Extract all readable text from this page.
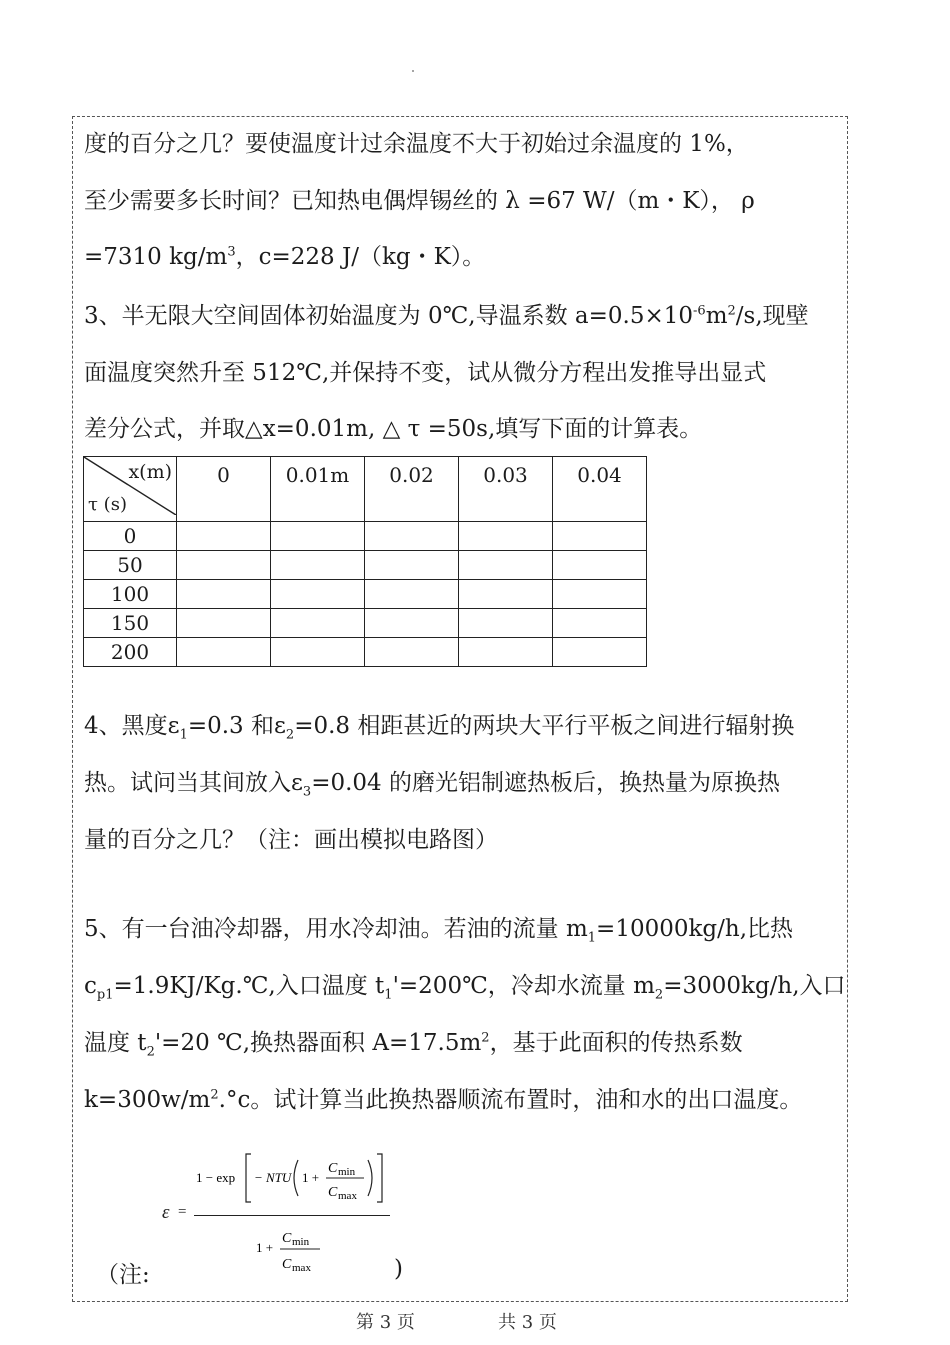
度的百分之几？要使温度计过余温度不大于初始过余温度的 1%，
至少需要多长时间？已知热电偶焊锡丝的 λ =67 W/（m・K）， ρ
=7310 $kg/m^3$，c=228 J/（kg・K）。
3、半无限大空间固体初始温度为 0℃,导温系数 $a=0.5\times 10^{-6}m^2/s$,现壁
面温度突然升至 512℃,并保持不变，试从微分方程出发推导出显式
差分公式，并取△x=0.01m, △ τ =50s,填写下面的计算表。
x(m)
τ (s)	0	0.01m	0.02	0.03	0.04
0					
50					
100					
150					
200					
4、黑度$\varepsilon_1=0.3$ 和$\varepsilon_2=0.8$ 相距甚近的两块大平行平板之间进行辐射换
热。试问当其间放入$\varepsilon_3=0.04$ 的磨光铝制遮热板后，换热量为原换热
量的百分之几？（注：画出模拟电路图）
5、有一台油冷却器，用水冷却油。若油的流量 $m_1=10000kg/h$,比热
$c_{p1}=1.9KJ/Kg.℃$,入口温度 $t_1'=200℃$，冷却水流量 $m_2=3000kg/h$,入口
温度 $t_2'=20$ ℃,换热器面积 $A=17.5m^2$，基于此面积的传热系数
$k=300w/m^2.^\circ c$。试计算当此换热器顺流布置时，油和水的出口温度。
ε =
1 − exp − NTU 1 +
C min
C max
1 +
C min
C max
（注:	)
第 3 页	共 3 页
